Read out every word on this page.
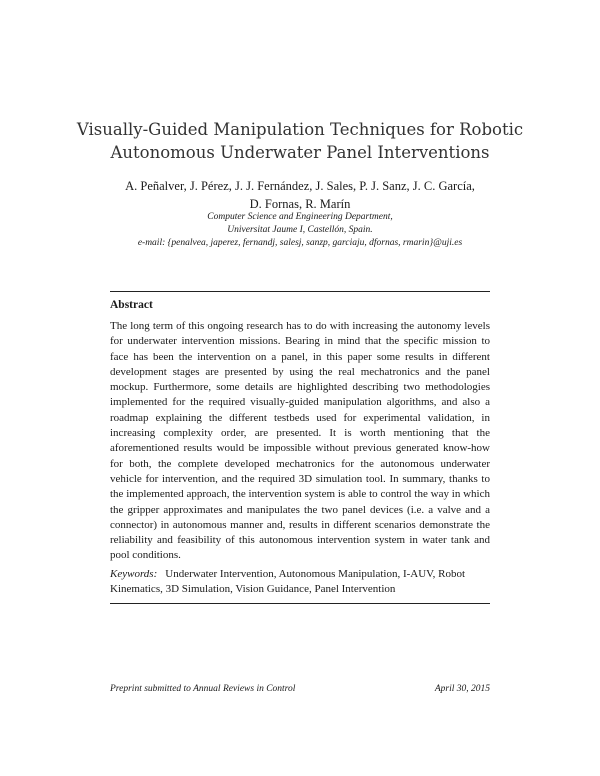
Visually-Guided Manipulation Techniques for Robotic
Autonomous Underwater Panel Interventions
A. Peñalver, J. Pérez, J. J. Fernández, J. Sales, P. J. Sanz, J. C. García,
D. Fornas, R. Marín
Computer Science and Engineering Department,
Universitat Jaume I, Castellón, Spain.
e-mail: {penalvea, japerez, fernandj, salesj, sanzp, garciaju, dfornas, rmarin}@uji.es
Abstract
The long term of this ongoing research has to do with increasing the autonomy levels for underwater intervention missions. Bearing in mind that the specific mission to face has been the intervention on a panel, in this paper some results in different development stages are presented by using the real mechatronics and the panel mockup. Furthermore, some details are highlighted describing two methodologies implemented for the required visually-guided manipulation algorithms, and also a roadmap explaining the different testbeds used for experimental validation, in increasing complexity order, are presented. It is worth mentioning that the aforementioned results would be impossible without previous generated know-how for both, the complete developed mechatronics for the autonomous underwater vehicle for intervention, and the required 3D simulation tool. In summary, thanks to the implemented approach, the intervention system is able to control the way in which the gripper approximates and manipulates the two panel devices (i.e. a valve and a connector) in autonomous manner and, results in different scenarios demonstrate the reliability and feasibility of this autonomous intervention system in water tank and pool conditions.
Keywords: Underwater Intervention, Autonomous Manipulation, I-AUV, Robot Kinematics, 3D Simulation, Vision Guidance, Panel Intervention
Preprint submitted to Annual Reviews in Control	April 30, 2015
